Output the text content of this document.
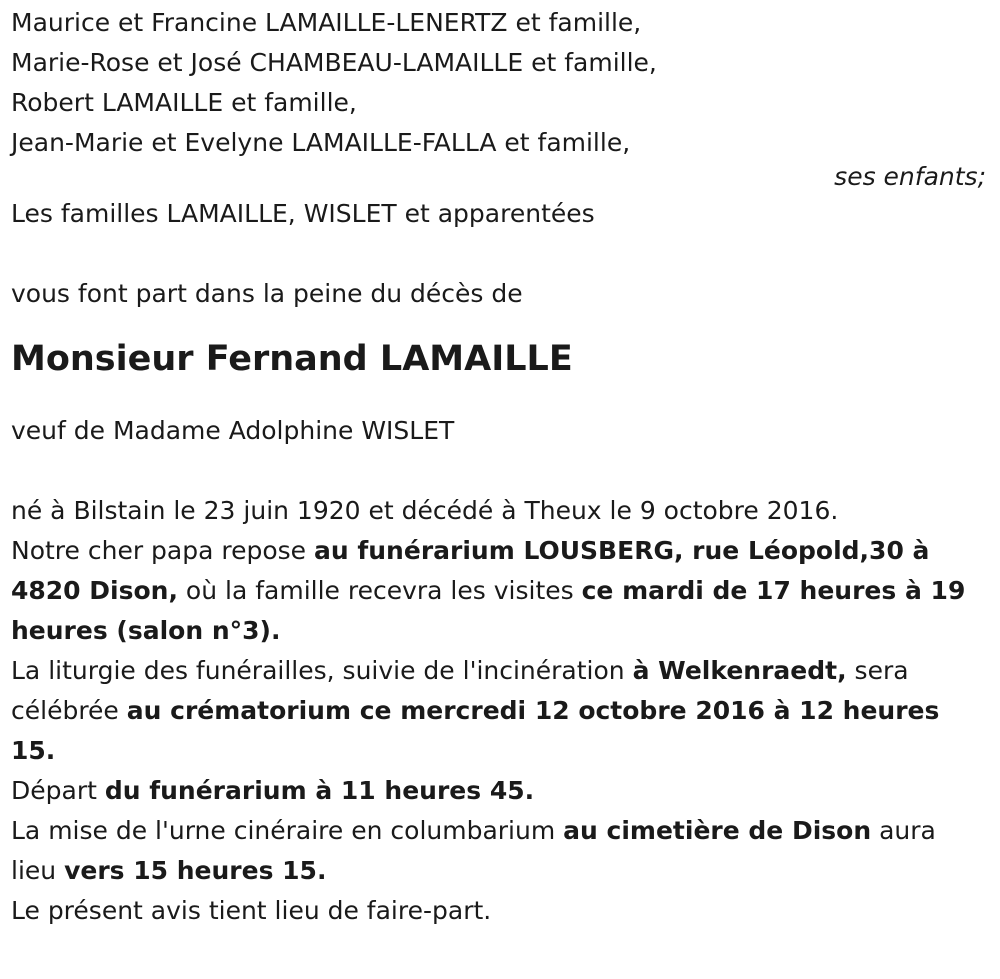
Maurice et Francine LAMAILLE-LENERTZ et famille,
Marie-Rose et José CHAMBEAU-LAMAILLE et famille,
Robert LAMAILLE et famille,
Jean-Marie et Evelyne LAMAILLE-FALLA et famille,
ses enfants;
Les familles LAMAILLE, WISLET et apparentées
vous font part dans la peine du décès de
Monsieur Fernand LAMAILLE
veuf de Madame Adolphine WISLET
né à Bilstain le 23 juin 1920 et décédé à Theux le 9 octobre 2016.

Notre cher papa repose au funérarium LOUSBERG, rue Léopold,30 à 4820 Dison, où la famille recevra les visites ce mardi de 17 heures à 19 heures (salon n°3).

La liturgie des funérailles, suivie de l'incinération à Welkenraedt, sera célébrée au crématorium ce mercredi 12 octobre 2016 à 12 heures 15.

Départ du funérarium à 11 heures 45.

La mise de l'urne cinéraire en columbarium au cimetière de Dison aura lieu vers 15 heures 15.

Le présent avis tient lieu de faire-part.
